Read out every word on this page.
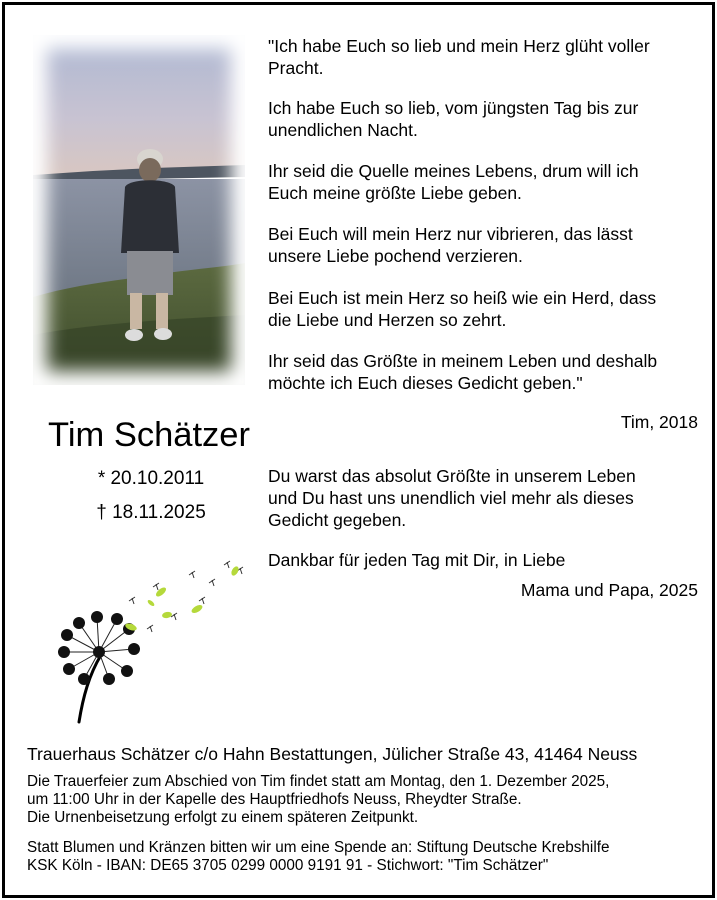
"Ich habe Euch so lieb und mein Herz glüht voller
Pracht.

Ich habe Euch so lieb, vom jüngsten Tag bis zur
unendlichen Nacht.

Ihr seid die Quelle meines Lebens, drum will ich
Euch meine größte Liebe geben.

Bei Euch will mein Herz nur vibrieren, das lässt
unsere Liebe pochend verzieren.

Bei Euch ist mein Herz so heiß wie ein Herd, dass
die Liebe und Herzen so zehrt.

Ihr seid das Größte in meinem Leben und deshalb
möchte ich Euch dieses Gedicht geben."

Tim, 2018
Tim Schätzer
* 20.10.2011
† 18.11.2025

Du warst das absolut Größte in unserem Leben
und Du hast uns unendlich viel mehr als dieses
Gedicht gegeben.

Dankbar für jeden Tag mit Dir, in Liebe
Mama und Papa, 2025
Trauerhaus Schätzer c/o Hahn Bestattungen, Jülicher Straße 43, 41464 Neuss

Die Trauerfeier zum Abschied von Tim findet statt am Montag, den 1. Dezember 2025,
um 11:00 Uhr in der Kapelle des Hauptfriedhofs Neuss, Rheydter Straße.
Die Urnenbeisetzung erfolgt zu einem späteren Zeitpunkt.

Statt Blumen und Kränzen bitten wir um eine Spende an: Stiftung Deutsche Krebshilfe
KSK Köln - IBAN: DE65 3705 0299 0000 9191 91 - Stichwort: "Tim Schätzer"
